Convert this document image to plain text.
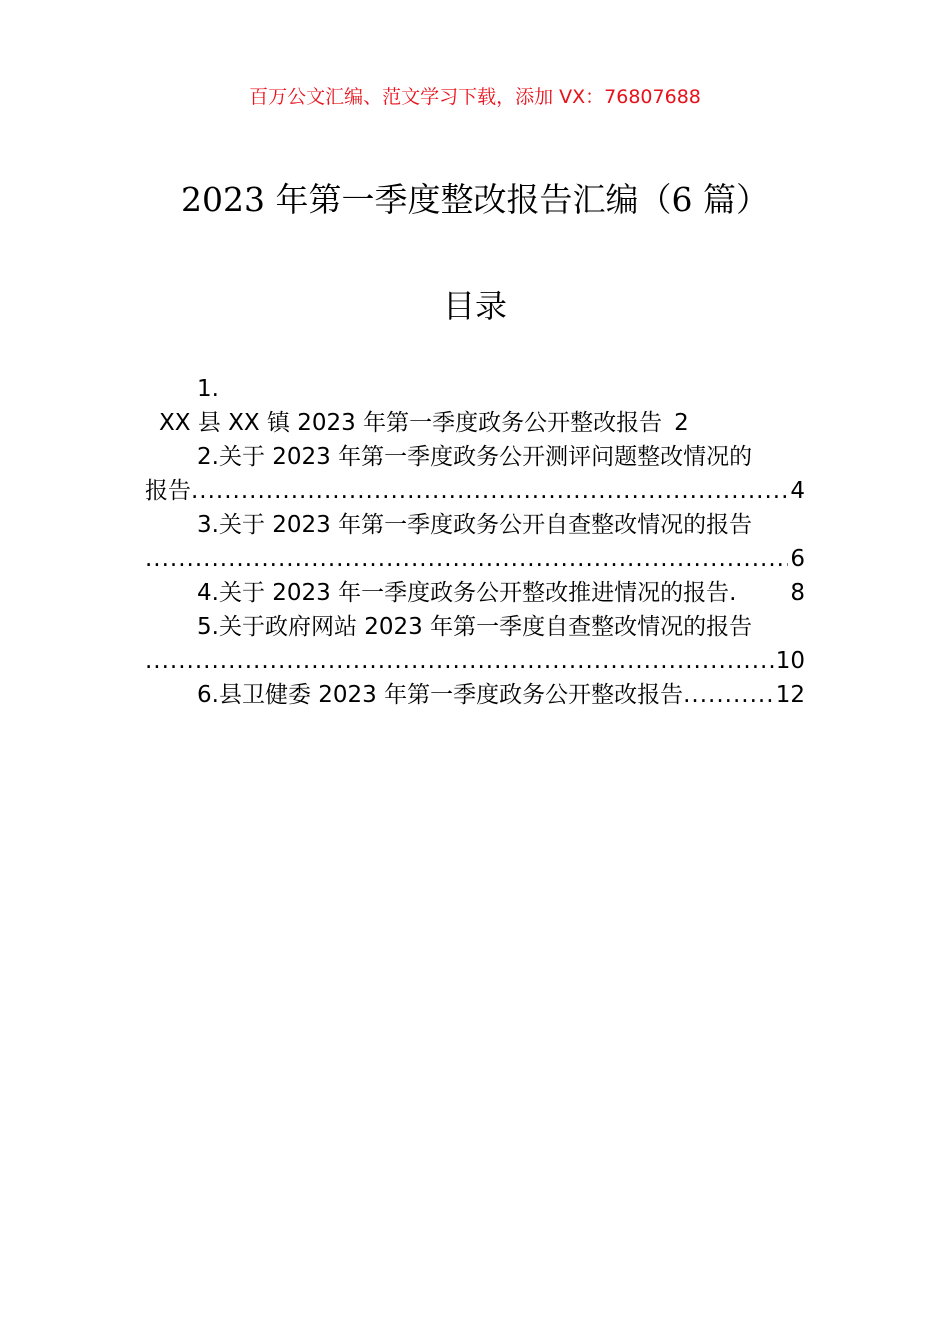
百万公文汇编、范文学习下载，添加 VX：76807688
2023 年第一季度整改报告汇编（6 篇）
目录
1.
XX 县 XX 镇 2023 年第一季度政务公开整改报告 2
2.关于 2023 年第一季度政务公开测评问题整改情况的
报告 .....	4
3.关于 2023 年第一季度政务公开自查整改情况的报告
.....
6
4.关于 2023 年一季度政务公开整改推进情况的报告. 8
5.关于政府网站 2023 年第一季度自查整改情况的报告
.....
10
6.县卫健委 2023 年第一季度政务公开整改报告 .....	12
